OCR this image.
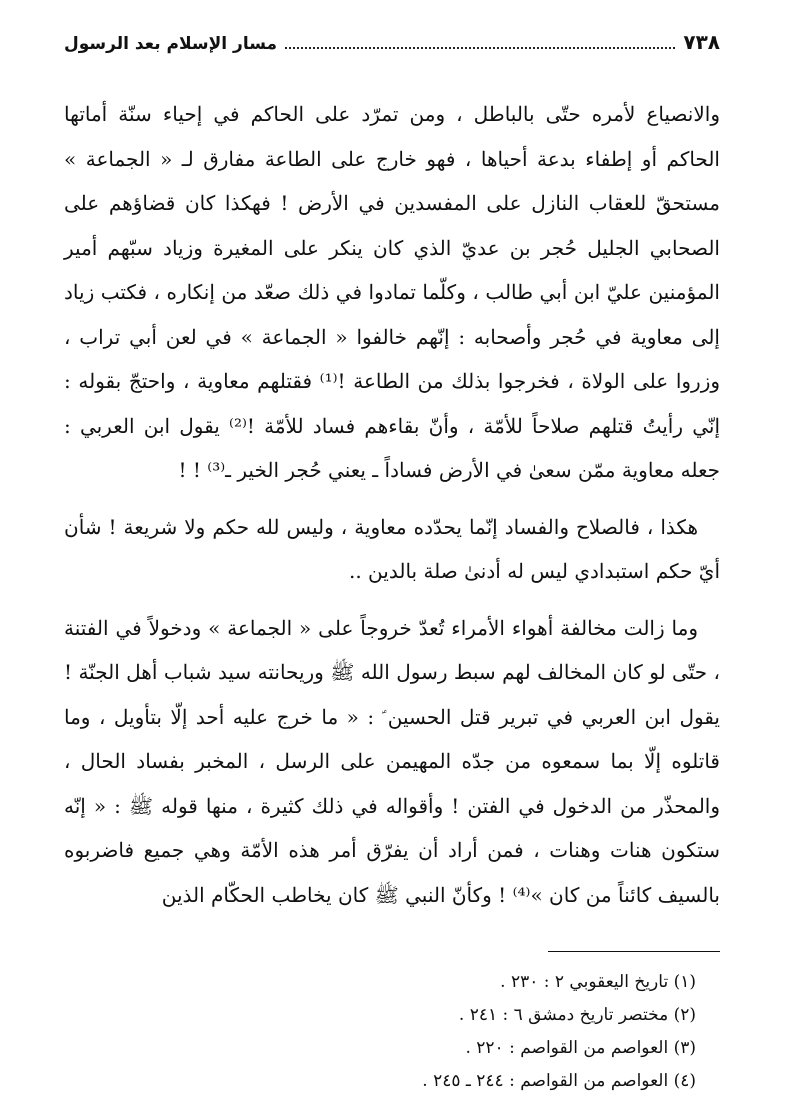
٧٣٨
مسار الإسلام بعد الرسول

والانصياع لأمره حتّى بالباطل ، ومن تمرّد على الحاكم في إحياء سنّة أماتها الحاكم أو إطفاء بدعة أحياها ، فهو خارج على الطاعة مفارق لـ « الجماعة » مستحقّ للعقاب النازل على المفسدين في الأرض ! فهكذا كان قضاؤهم على الصحابي الجليل حُجر بن عديّ الذي كان ينكر على المغيرة وزياد سبّهم أمير المؤمنين عليّ ابن أبي طالب ، وكلّما تمادوا في ذلك صعّد من إنكاره ، فكتب زياد إلى معاوية في حُجر وأصحابه : إنّهم خالفوا « الجماعة » في لعن أبي تراب ، وزروا على الولاة ، فخرجوا بذلك من الطاعة !⁽¹⁾ فقتلهم معاوية ، واحتجّ بقوله : إنّي رأيتُ قتلهم صلاحاً للأمّة ، وأنّ بقاءهم فساد للأمّة !⁽²⁾ يقول ابن العربي : جعله معاوية ممّن سعىٰ في الأرض فساداً ـ يعني حُجر الخير ـ⁽³⁾ ! !

هكذا ، فالصلاح والفساد إنّما يحدّده معاوية ، وليس لله حكم ولا شريعة ! شأن أيّ حكم استبدادي ليس له أدنىٰ صلة بالدين ..

وما زالت مخالفة أهواء الأمراء تُعدّ خروجاً على « الجماعة » ودخولاً في الفتنة ، حتّى لو كان المخالف لهم سبط رسول الله ﷺ وريحانته سيد شباب أهل الجنّة ! يقول ابن العربي في تبرير قتل الحسين ؑ : « ما خرج عليه أحد إلّا بتأويل ، وما قاتلوه إلّا بما سمعوه من جدّه المهيمن على الرسل ، المخبر بفساد الحال ، والمحذّر من الدخول في الفتن ! وأقواله في ذلك كثيرة ، منها قوله ﷺ : « إنّه ستكون هنات وهنات ، فمن أراد أن يفرّق أمر هذه الأمّة وهي جميع فاضربوه بالسيف كائناً من كان »⁽⁴⁾ ! وكأنّ النبي ﷺ كان يخاطب الحكّام الذين

(١) تاريخ اليعقوبي ٢ : ٢٣٠ .
(٢) مختصر تاريخ دمشق ٦ : ٢٤١ .
(٣) العواصم من القواصم : ٢٢٠ .
(٤) العواصم من القواصم : ٢٤٤ ـ ٢٤٥ .
